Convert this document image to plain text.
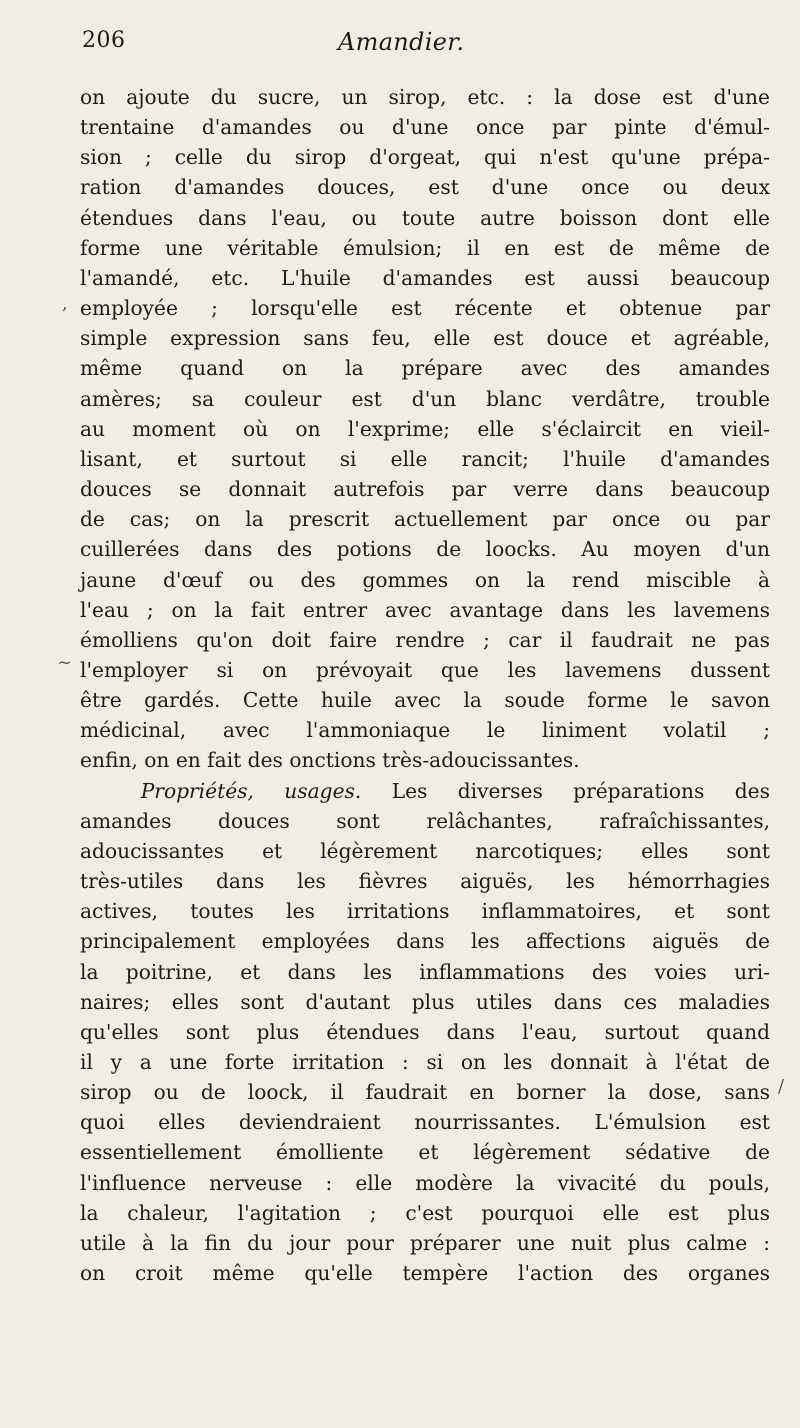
206	Amandier.
on ajoute du sucre, un sirop, etc. : la dose est d'une
trentaine d'amandes ou d'une once par pinte d'émul-
sion ; celle du sirop d'orgeat, qui n'est qu'une prépa-
ration d'amandes douces, est d'une once ou deux
étendues dans l'eau, ou toute autre boisson dont elle
forme une véritable émulsion; il en est de même de
l'amandé, etc. L'huile d'amandes est aussi beaucoup
employée ; lorsqu'elle est récente et obtenue par
simple expression sans feu, elle est douce et agréable,
même quand on la prépare avec des amandes
amères; sa couleur est d'un blanc verdâtre, trouble
au moment où on l'exprime; elle s'éclaircit en vieil-
lisant, et surtout si elle rancit; l'huile d'amandes
douces se donnait autrefois par verre dans beaucoup
de cas; on la prescrit actuellement par once ou par
cuillerées dans des potions de loocks. Au moyen d'un
jaune d'œuf ou des gommes on la rend miscible à
l'eau ; on la fait entrer avec avantage dans les lavemens
émolliens qu'on doit faire rendre ; car il faudrait ne pas
l'employer si on prévoyait que les lavemens dussent
être gardés. Cette huile avec la soude forme le savon
médicinal, avec l'ammoniaque le liniment volatil ;
enfin, on en fait des onctions très-adoucissantes.
Propriétés, usages. Les diverses préparations des
amandes douces sont relâchantes, rafraîchissantes,
adoucissantes et légèrement narcotiques; elles sont
très-utiles dans les fièvres aiguës, les hémorrhagies
actives, toutes les irritations inflammatoires, et sont
principalement employées dans les affections aiguës de
la poitrine, et dans les inflammations des voies uri-
naires; elles sont d'autant plus utiles dans ces maladies
qu'elles sont plus étendues dans l'eau, surtout quand
il y a une forte irritation : si on les donnait à l'état de
sirop ou de loock, il faudrait en borner la dose, sans
quoi elles deviendraient nourrissantes. L'émulsion est
essentiellement émolliente et légèrement sédative de
l'influence nerveuse : elle modère la vivacité du pouls,
la chaleur, l'agitation ; c'est pourquoi elle est plus
utile à la fin du jour pour préparer une nuit plus calme :
on croit même qu'elle tempère l'action des organes
,
~
/
